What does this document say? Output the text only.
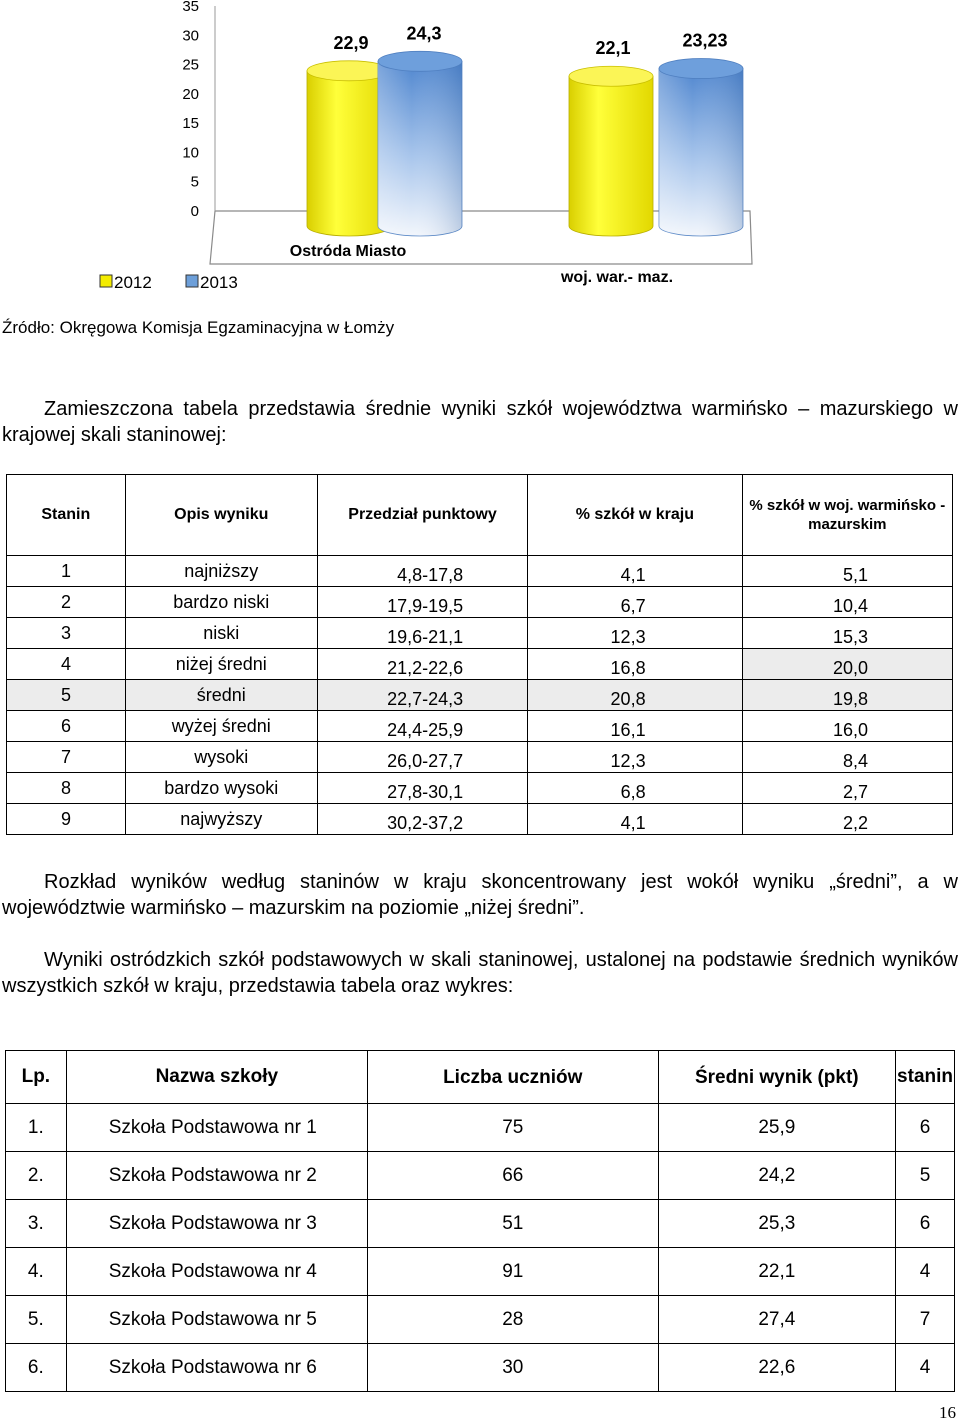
35
30
25
20
15
10
5
0
22,9 24,3
22,1	23,23
Ostróda Miasto
woj. war.- maz.
2012	2013
Źródło: Okręgowa Komisja Egzaminacyjna w Łomży
Zamieszczona tabela przedstawia średnie wyniki szkół województwa warmińsko – mazurskiego w krajowej skali staninowej:
Stanin	Opis wyniku	Przedział punktowy	% szkół w kraju	% szkół w woj. warmińsko -mazurskim
1	najniższy	4,8-17,8	4,1	5,1
2	bardzo niski	17,9-19,5	6,7	10,4
3	niski	19,6-21,1	12,3	15,3
4	niżej średni	21,2-22,6	16,8	20,0
5	średni	22,7-24,3	20,8	19,8
6	wyżej średni	24,4-25,9	16,1	16,0
7	wysoki	26,0-27,7	12,3	8,4
8	bardzo wysoki	27,8-30,1	6,8	2,7
9	najwyższy	30,2-37,2	4,1	2,2
Rozkład wyników według staninów w kraju skoncentrowany jest wokół wyniku „średni”, a w województwie warmińsko – mazurskim na poziomie „niżej średni”.
Wyniki ostródzkich szkół podstawowych w skali staninowej, ustalonej na podstawie średnich wyników wszystkich szkół w kraju, przedstawia tabela oraz wykres:
Lp.	Nazwa szkoły	Liczba uczniów	Średni wynik (pkt)	stanin
1.	Szkoła Podstawowa nr 1	75	25,9	6
2.	Szkoła Podstawowa nr 2	66	24,2	5
3.	Szkoła Podstawowa nr 3	51	25,3	6
4.	Szkoła Podstawowa nr 4	91	22,1	4
5.	Szkoła Podstawowa nr 5	28	27,4	7
6.	Szkoła Podstawowa nr 6	30	22,6	4
16
